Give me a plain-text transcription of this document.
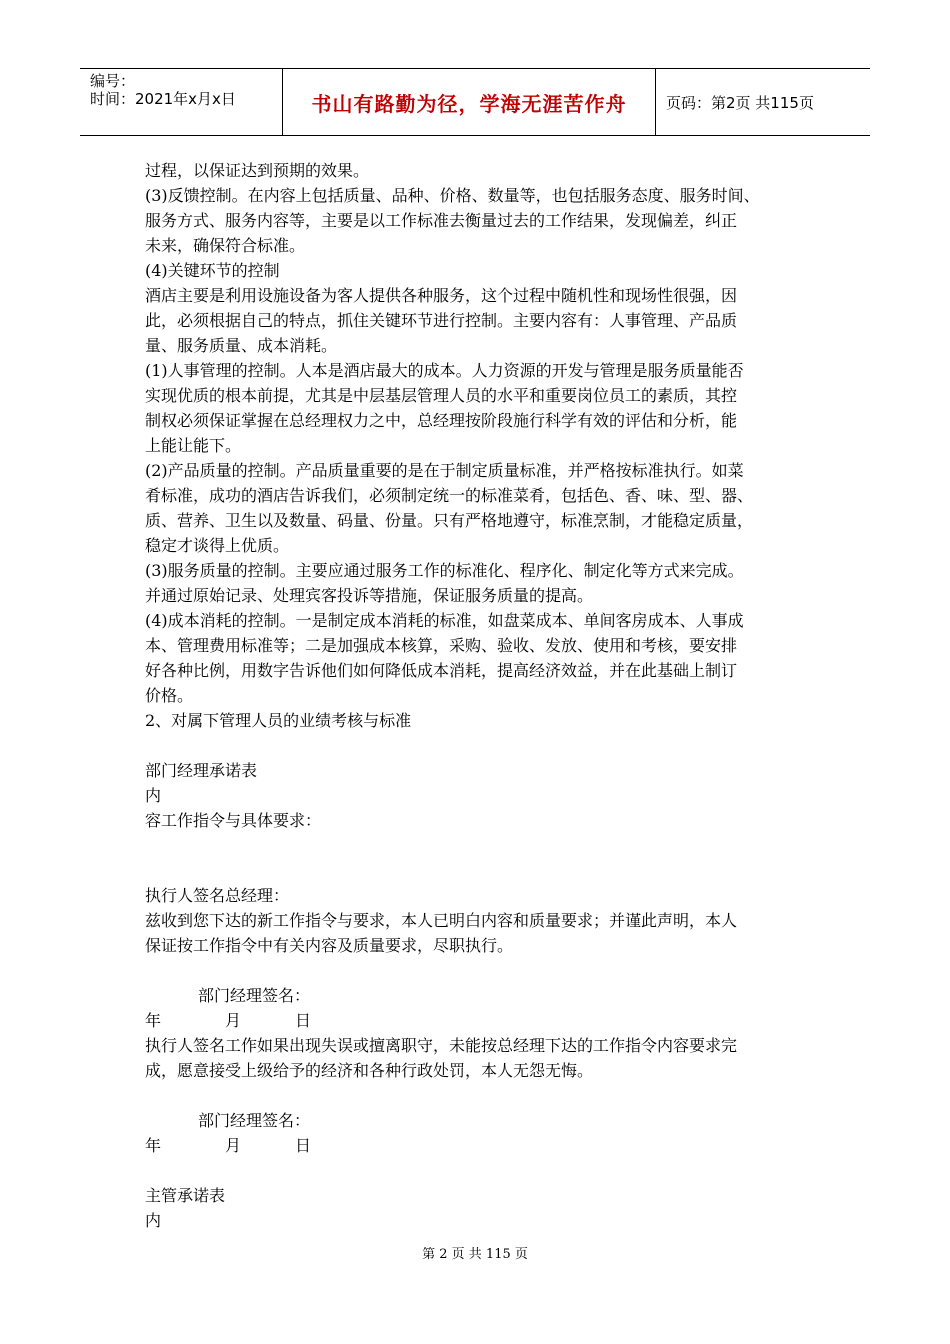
编号：
时间：2021年x月x日	书山有路勤为径，学海无涯苦作舟	页码：第2页 共115页
过程，以保证达到预期的效果。
(3)反馈控制。在内容上包括质量、品种、价格、数量等，也包括服务态度、服务时间、
服务方式、服务内容等，主要是以工作标准去衡量过去的工作结果，发现偏差，纠正
未来，确保符合标准。
(4)关键环节的控制
酒店主要是利用设施设备为客人提供各种服务，这个过程中随机性和现场性很强，因
此，必须根据自己的特点，抓住关键环节进行控制。主要内容有：人事管理、产品质
量、服务质量、成本消耗。
(1)人事管理的控制。人本是酒店最大的成本。人力资源的开发与管理是服务质量能否
实现优质的根本前提，尤其是中层基层管理人员的水平和重要岗位员工的素质，其控
制权必须保证掌握在总经理权力之中，总经理按阶段施行科学有效的评估和分析，能
上能让能下。
(2)产品质量的控制。产品质量重要的是在于制定质量标准，并严格按标准执行。如菜
肴标准，成功的酒店告诉我们，必须制定统一的标准菜肴，包括色、香、味、型、器、
质、营养、卫生以及数量、码量、份量。只有严格地遵守，标准烹制，才能稳定质量，
稳定才谈得上优质。
(3)服务质量的控制。主要应通过服务工作的标准化、程序化、制定化等方式来完成。
并通过原始记录、处理宾客投诉等措施，保证服务质量的提高。
(4)成本消耗的控制。一是制定成本消耗的标准，如盘菜成本、单间客房成本、人事成
本、管理费用标准等；二是加强成本核算，采购、验收、发放、使用和考核，要安排
好各种比例，用数字告诉他们如何降低成本消耗，提高经济效益，并在此基础上制订
价格。
2、对属下管理人员的业绩考核与标准
部门经理承诺表
内
容工作指令与具体要求：
执行人签名总经理：
兹收到您下达的新工作指令与要求，本人已明白内容和质量要求；并谨此声明，本人
保证按工作指令中有关内容及质量要求，尽职执行。
部门经理签名：
年	月	日
执行人签名工作如果出现失误或擅离职守，未能按总经理下达的工作指令内容要求完
成，愿意接受上级给予的经济和各种行政处罚，本人无怨无悔。
部门经理签名：
年	月	日
主管承诺表
内
第 2 页 共 115 页
